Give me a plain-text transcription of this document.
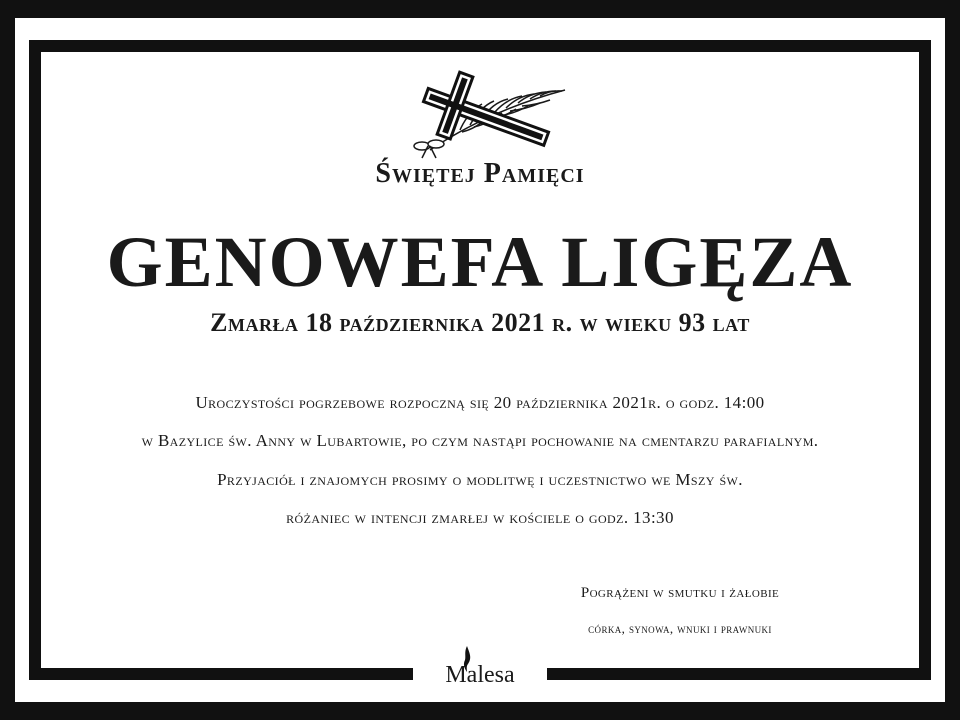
Świętej Pamięci
GENOWEFA LIGĘZA
Zmarła 18 października 2021 r. w wieku 93 lat
Uroczystości pogrzebowe rozpoczną się 20 października 2021r. o godz. 14:00
w Bazylice św. Anny w Lubartowie, po czym nastąpi pochowanie na cmentarzu parafialnym.
Przyjaciół i znajomych prosimy o modlitwę i uczestnictwo we Mszy św.
różaniec w intencji zmarłej w kościele o godz. 13:30
Pogrążeni w smutku i żałobie
córka, synowa, wnuki i prawnuki
Malesa
